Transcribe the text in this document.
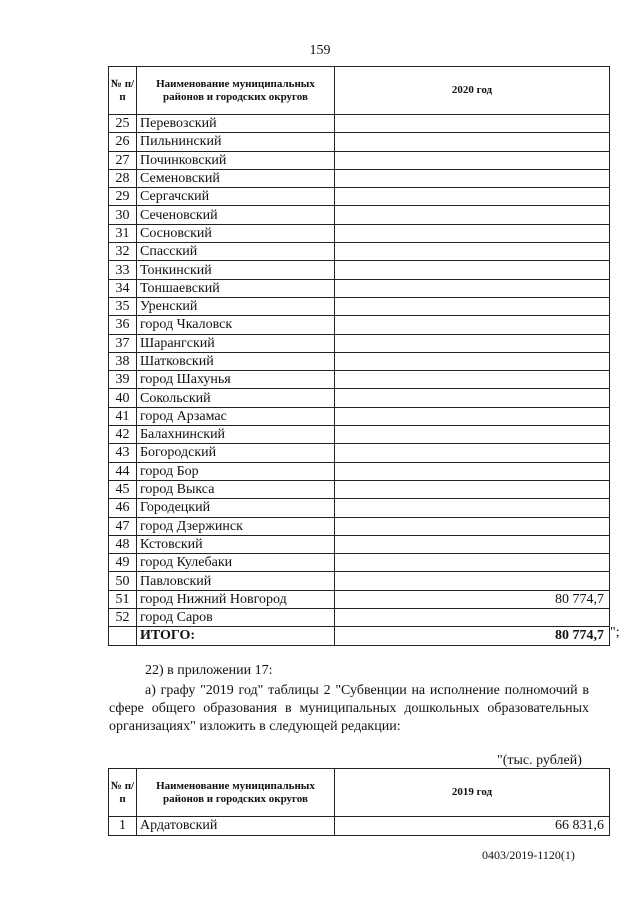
159
№ п/п	Наименование муниципальных районов и городских округов	2020 год
25	Перевозский	
26	Пильнинский	
27	Починковский	
28	Семеновский	
29	Сергачский	
30	Сеченовский	
31	Сосновский	
32	Спасский	
33	Тонкинский	
34	Тоншаевский	
35	Уренский	
36	город Чкаловск	
37	Шарангский	
38	Шатковский	
39	город Шахунья	
40	Сокольский	
41	город Арзамас	
42	Балахнинский	
43	Богородский	
44	город Бор	
45	город Выкса	
46	Городецкий	
47	город Дзержинск	
48	Кстовский	
49	город Кулебаки	
50	Павловский	
51	город Нижний Новгород	80 774,7
52	город Саров	
	ИТОГО:	80 774,7 ";
22) в приложении 17:
а) графу "2019 год" таблицы 2 "Субвенции на исполнение полномочий в сфере общего образования в муниципальных дошкольных образовательных организациях" изложить в следующей редакции:
"(тыс. рублей)
№ п/п	Наименование муниципальных районов и городских округов	2019 год
1	Ардатовский	66 831,6
0403/2019-1120(1)
